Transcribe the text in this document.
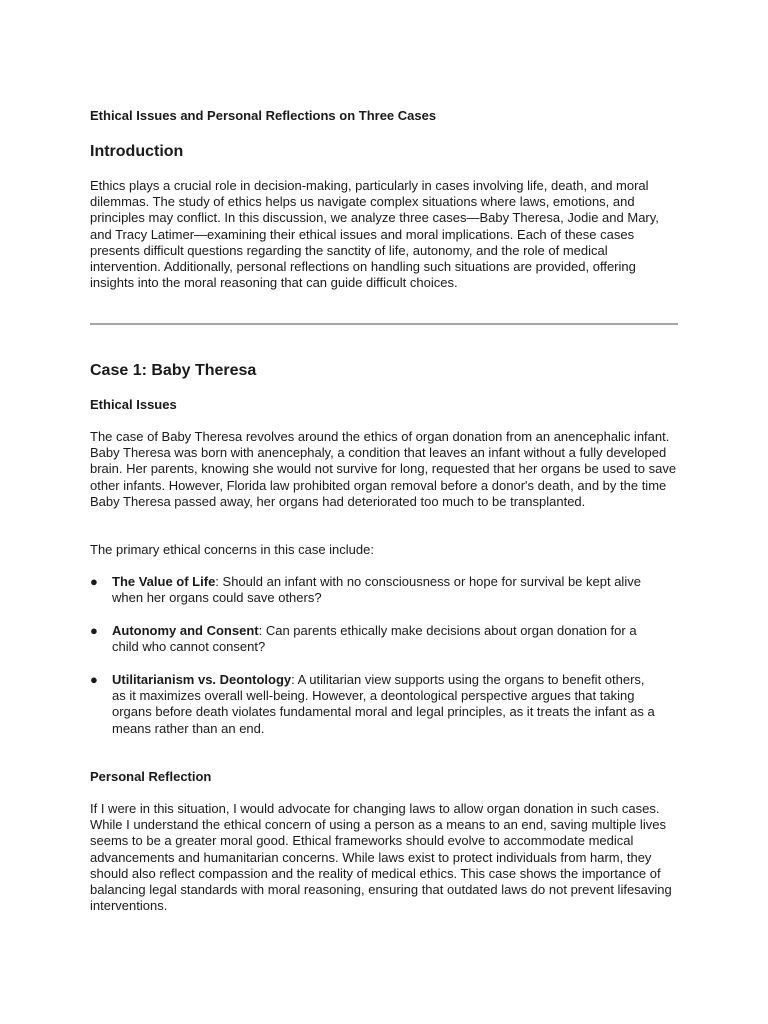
Ethical Issues and Personal Reflections on Three Cases
Introduction

Ethics plays a crucial role in decision-making, particularly in cases involving life, death, and moral dilemmas. The study of ethics helps us navigate complex situations where laws, emotions, and principles may conflict. In this discussion, we analyze three cases—Baby Theresa, Jodie and Mary, and Tracy Latimer—examining their ethical issues and moral implications. Each of these cases presents difficult questions regarding the sanctity of life, autonomy, and the role of medical intervention. Additionally, personal reflections on handling such situations are provided, offering insights into the moral reasoning that can guide difficult choices.

Case 1: Baby Theresa
Ethical Issues

The case of Baby Theresa revolves around the ethics of organ donation from an anencephalic infant. Baby Theresa was born with anencephaly, a condition that leaves an infant without a fully developed brain. Her parents, knowing she would not survive for long, requested that her organs be used to save other infants. However, Florida law prohibited organ removal before a donor's death, and by the time Baby Theresa passed away, her organs had deteriorated too much to be transplanted.

The primary ethical concerns in this case include:

● The Value of Life: Should an infant with no consciousness or hope for survival be kept alive when her organs could save others?
● Autonomy and Consent: Can parents ethically make decisions about organ donation for a child who cannot consent?
● Utilitarianism vs. Deontology: A utilitarian view supports using the organs to benefit others, as it maximizes overall well-being. However, a deontological perspective argues that taking organs before death violates fundamental moral and legal principles, as it treats the infant as a means rather than an end.
Personal Reflection

If I were in this situation, I would advocate for changing laws to allow organ donation in such cases. While I understand the ethical concern of using a person as a means to an end, saving multiple lives seems to be a greater moral good. Ethical frameworks should evolve to accommodate medical advancements and humanitarian concerns. While laws exist to protect individuals from harm, they should also reflect compassion and the reality of medical ethics. This case shows the importance of balancing legal standards with moral reasoning, ensuring that outdated laws do not prevent lifesaving interventions.
